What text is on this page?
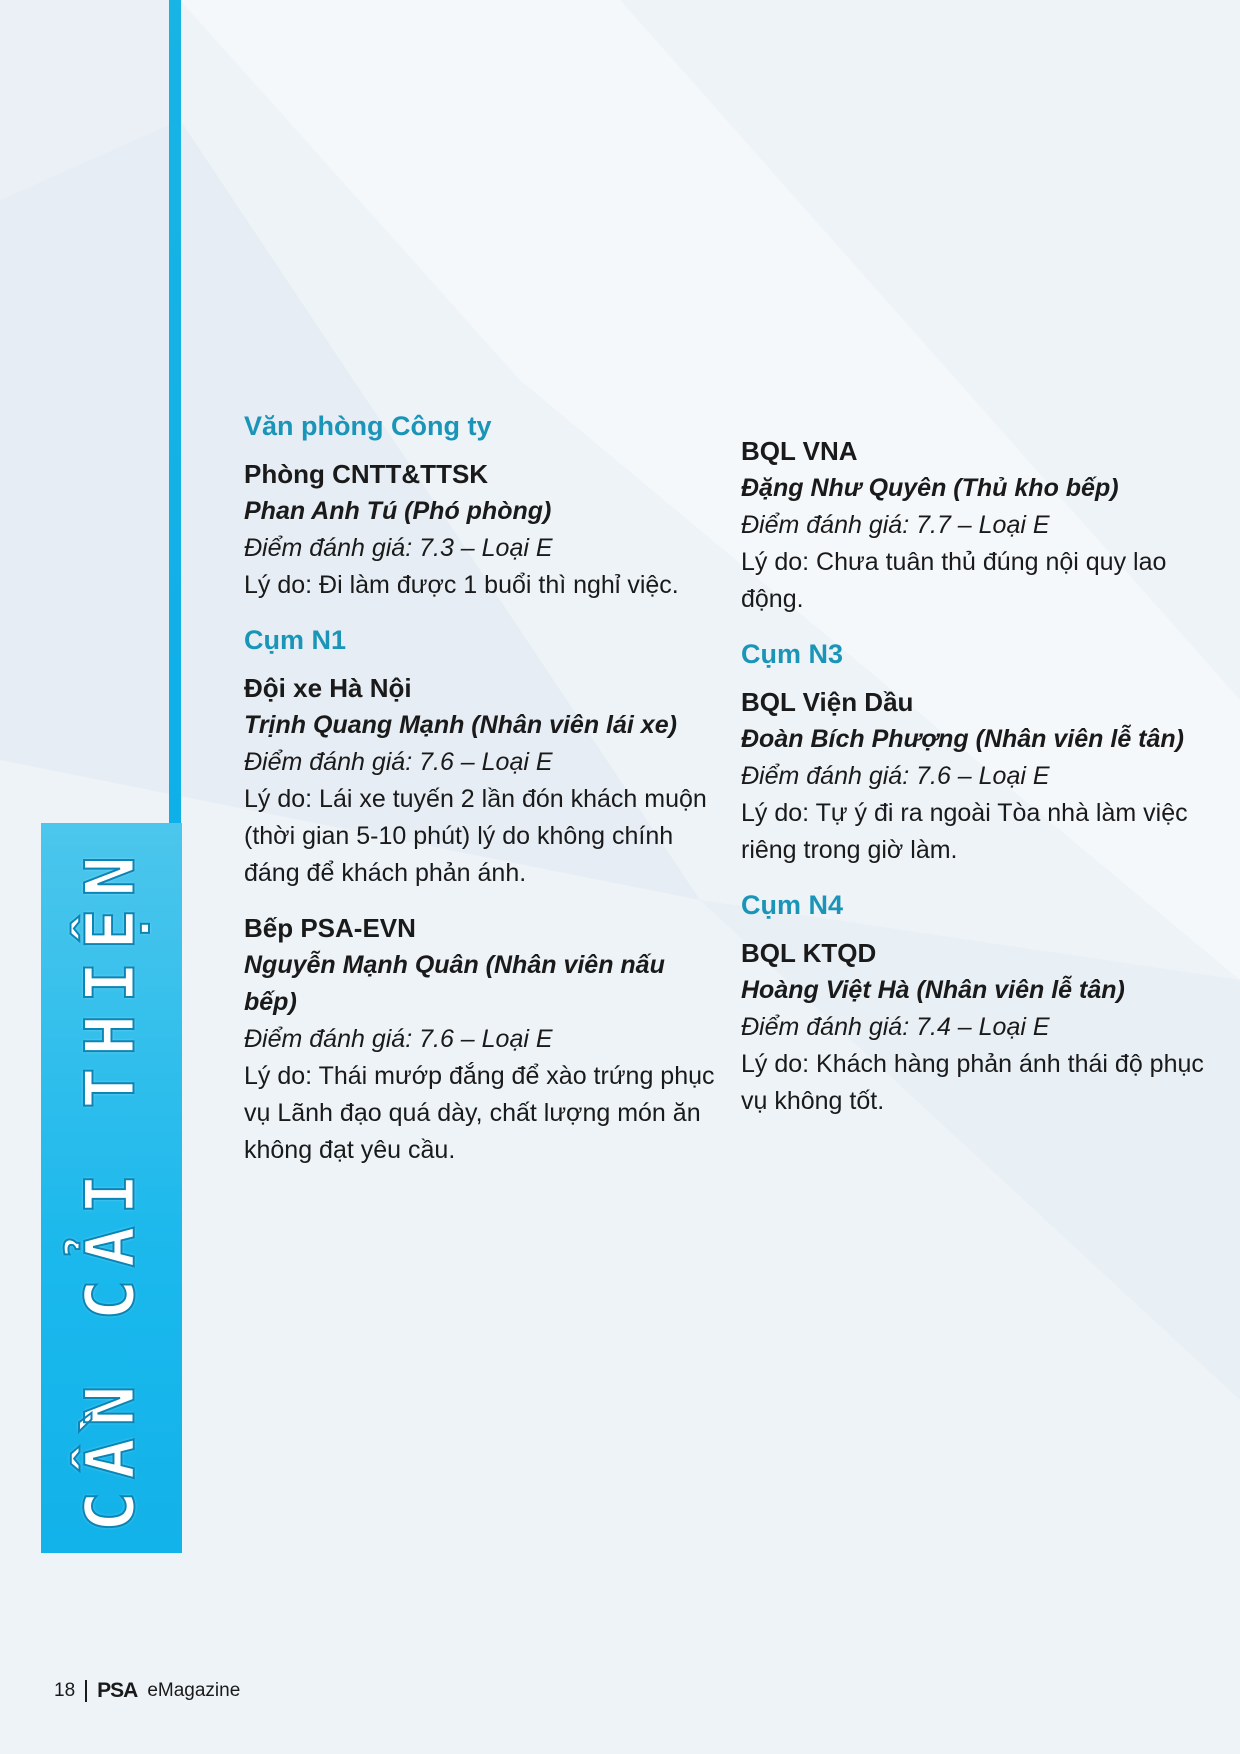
CẦN CẢI THIỆN
Văn phòng Công ty
Phòng CNTT&TTSK
Phan Anh Tú (Phó phòng)
Điểm đánh giá: 7.3 – Loại E
Lý do: Đi làm được 1 buổi thì nghỉ việc.
Cụm N1
Đội xe Hà Nội
Trịnh Quang Mạnh (Nhân viên lái xe)
Điểm đánh giá: 7.6 – Loại E
Lý do: Lái xe tuyến 2 lần đón khách muộn (thời gian 5-10 phút) lý do không chính đáng để khách phản ánh.
Bếp PSA-EVN
Nguyễn Mạnh Quân (Nhân viên nấu bếp)
Điểm đánh giá: 7.6 – Loại E
Lý do: Thái mướp đắng để xào trứng phục vụ Lãnh đạo quá dày, chất lượng món ăn không đạt yêu cầu.
BQL VNA
Đặng Như Quyên (Thủ kho bếp)
Điểm đánh giá: 7.7 – Loại E
Lý do: Chưa tuân thủ đúng nội quy lao động.
Cụm N3
BQL Viện Dầu
Đoàn Bích Phượng (Nhân viên lễ tân)
Điểm đánh giá: 7.6 – Loại E
Lý do: Tự ý đi ra ngoài Tòa nhà làm việc riêng trong giờ làm.
Cụm N4
BQL KTQD
Hoàng Việt Hà (Nhân viên lễ tân)
Điểm đánh giá: 7.4 – Loại E
Lý do: Khách hàng phản ánh thái độ phục vụ không tốt.
18 PSA eMagazine
